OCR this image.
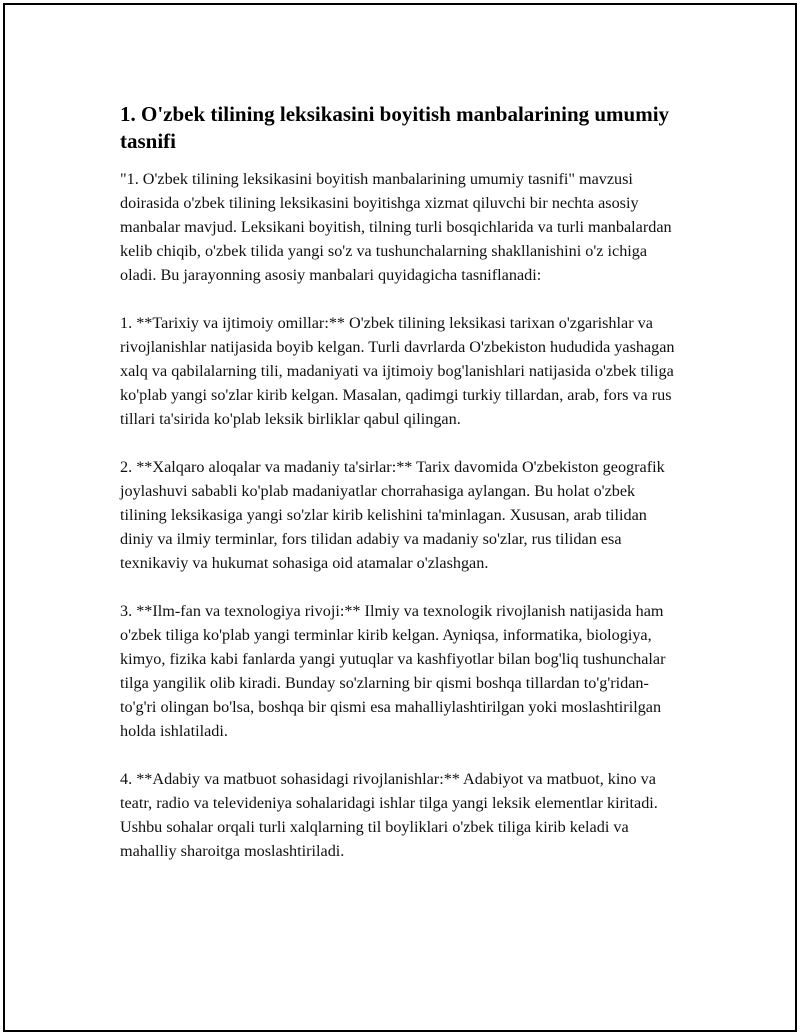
1. O'zbek tilining leksikasini boyitish manbalarining umumiy tasnifi

"1. O'zbek tilining leksikasini boyitish manbalarining umumiy tasnifi" mavzusi doirasida o'zbek tilining leksikasini boyitishga xizmat qiluvchi bir nechta asosiy manbalar mavjud. Leksikani boyitish, tilning turli bosqichlarida va turli manbalardan kelib chiqib, o'zbek tilida yangi so'z va tushunchalarning shakllanishini o'z ichiga oladi. Bu jarayonning asosiy manbalari quyidagicha tasniflanadi:

1. **Tarixiy va ijtimoiy omillar:** O'zbek tilining leksikasi tarixan o'zgarishlar va rivojlanishlar natijasida boyib kelgan. Turli davrlarda O'zbekiston hududida yashagan xalq va qabilalarning tili, madaniyati va ijtimoiy bog'lanishlari natijasida o'zbek tiliga ko'plab yangi so'zlar kirib kelgan. Masalan, qadimgi turkiy tillardan, arab, fors va rus tillari ta'sirida ko'plab leksik birliklar qabul qilingan.

2. **Xalqaro aloqalar va madaniy ta'sirlar:** Tarix davomida O'zbekiston geografik joylashuvi sababli ko'plab madaniyatlar chorrahasiga aylangan. Bu holat o'zbek tilining leksikasiga yangi so'zlar kirib kelishini ta'minlagan. Xususan, arab tilidan diniy va ilmiy terminlar, fors tilidan adabiy va madaniy so'zlar, rus tilidan esa texnikaviy va hukumat sohasiga oid atamalar o'zlashgan.

3. **Ilm-fan va texnologiya rivoji:** Ilmiy va texnologik rivojlanish natijasida ham o'zbek tiliga ko'plab yangi terminlar kirib kelgan. Ayniqsa, informatika, biologiya, kimyo, fizika kabi fanlarda yangi yutuqlar va kashfiyotlar bilan bog'liq tushunchalar tilga yangilik olib kiradi. Bunday so'zlarning bir qismi boshqa tillardan to'g'ridan-to'g'ri olingan bo'lsa, boshqa bir qismi esa mahalliylashtirilgan yoki moslashtirilgan holda ishlatiladi.

4. **Adabiy va matbuot sohasidagi rivojlanishlar:** Adabiyot va matbuot, kino va teatr, radio va televideniya sohalaridagi ishlar tilga yangi leksik elementlar kiritadi. Ushbu sohalar orqali turli xalqlarning til boyliklari o'zbek tiliga kirib keladi va mahalliy sharoitga moslashtiriladi.
